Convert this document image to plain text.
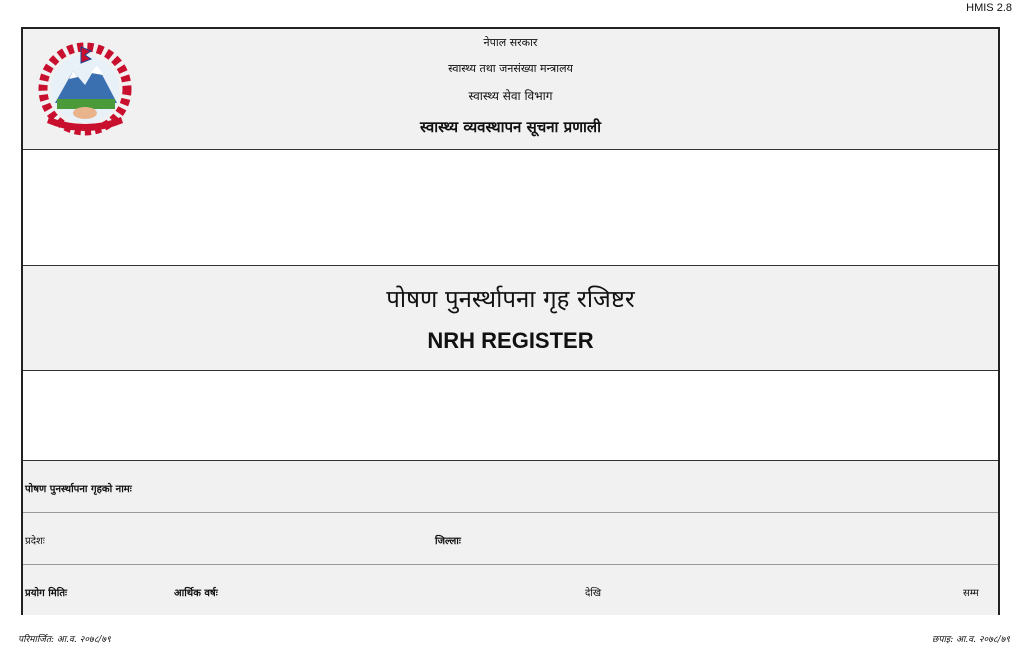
HMIS 2.8
नेपाल सरकार
स्वास्थ्य तथा जनसंख्या मन्त्रालय
स्वास्थ्य सेवा विभाग
स्वास्थ्य व्यवस्थापन सूचना प्रणाली
पोषण पुनर्स्थापना गृह रजिष्टर
NRH REGISTER
पोषण पुनर्स्थापना गृहको नामः
प्रदेशः	जिल्लाः
प्रयोग मितिः	आर्थिक वर्षः	देखि	सम्म
परिमार्जित: आ.व. २०७८/७९	छपाइ: आ.व. २०७८/७९
